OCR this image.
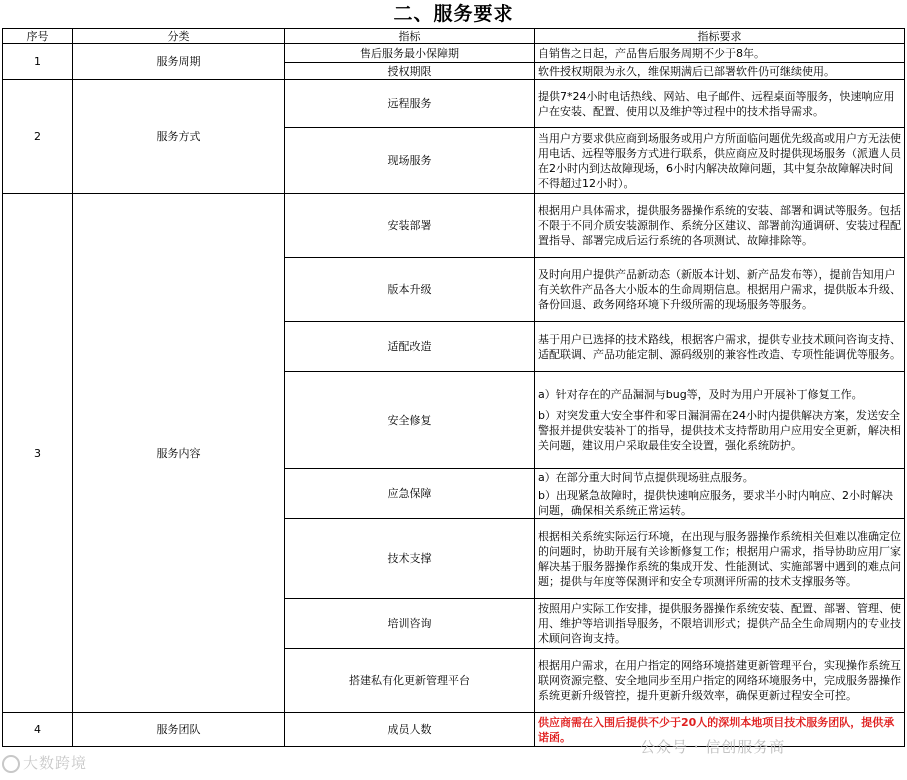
二、服务要求
序号	分类	指标	指标要求
1	服务周期	售后服务最小保障期	自销售之日起，产品售后服务周期不少于8年。
		授权期限	软件授权期限为永久，维保期满后已部署软件仍可继续使用。
2	服务方式	远程服务	提供7*24小时电话热线、网站、电子邮件、远程桌面等服务，快速响应用户在安装、配置、使用以及维护等过程中的技术指导需求。
		现场服务	当用户方要求供应商到场服务或用户方所面临问题优先级高或用户方无法使用电话、远程等服务方式进行联系，供应商应及时提供现场服务（派遣人员在2小时内到达故障现场，6小时内解决故障问题，其中复杂故障解决时间不得超过12小时）。
3	服务内容	安装部署	根据用户具体需求，提供服务器操作系统的安装、部署和调试等服务。包括不限于不同介质安装源制作、系统分区建议、部署前沟通调研、安装过程配置指导、部署完成后运行系统的各项测试、故障排除等。
		版本升级	及时向用户提供产品新动态（新版本计划、新产品发布等），提前告知用户有关软件产品各大小版本的生命周期信息。根据用户需求，提供版本升级、备份回退、政务网络环境下升级所需的现场服务等服务。
		适配改造	基于用户已选择的技术路线，根据客户需求，提供专业技术顾问咨询支持、适配联调、产品功能定制、源码级别的兼容性改造、专项性能调优等服务。
		安全修复	a）针对存在的产品漏洞与bug等，及时为用户开展补丁修复工作。
b）对突发重大安全事件和零日漏洞需在24小时内提供解决方案，发送安全警报并提供安装补丁的指导，提供技术支持帮助用户应用安全更新，解决相关问题，建议用户采取最佳安全设置，强化系统防护。

		应急保障	a）在部分重大时间节点提供现场驻点服务。
b）出现紧急故障时，提供快速响应服务，要求半小时内响应、2小时解决问题，确保相关系统正常运转。

		技术支撑	根据相关系统实际运行环境，在出现与服务器操作系统相关但难以准确定位的问题时，协助开展有关诊断修复工作；根据用户需求，指导协助应用厂家解决基于服务器操作系统的集成开发、性能测试、实施部署中遇到的难点问题；提供与年度等保测评和安全专项测评所需的技术支撑服务等。
		培训咨询	按照用户实际工作安排，提供服务器操作系统安装、配置、部署、管理、使用、维护等培训指导服务，不限培训形式；提供产品全生命周期内的专业技术顾问咨询支持。
		搭建私有化更新管理平台	根据用户需求，在用户指定的网络环境搭建更新管理平台，实现操作系统互联网资源完整、安全地同步至用户指定的网络环境服务中，完成服务器操作系统更新升级管控，提升更新升级效率，确保更新过程安全可控。
4	服务团队	成员人数	供应商需在入围后提供不少于20人的深圳本地项目技术服务团队，提供承诺函。
大数跨境
公众号 · 信创服务商
